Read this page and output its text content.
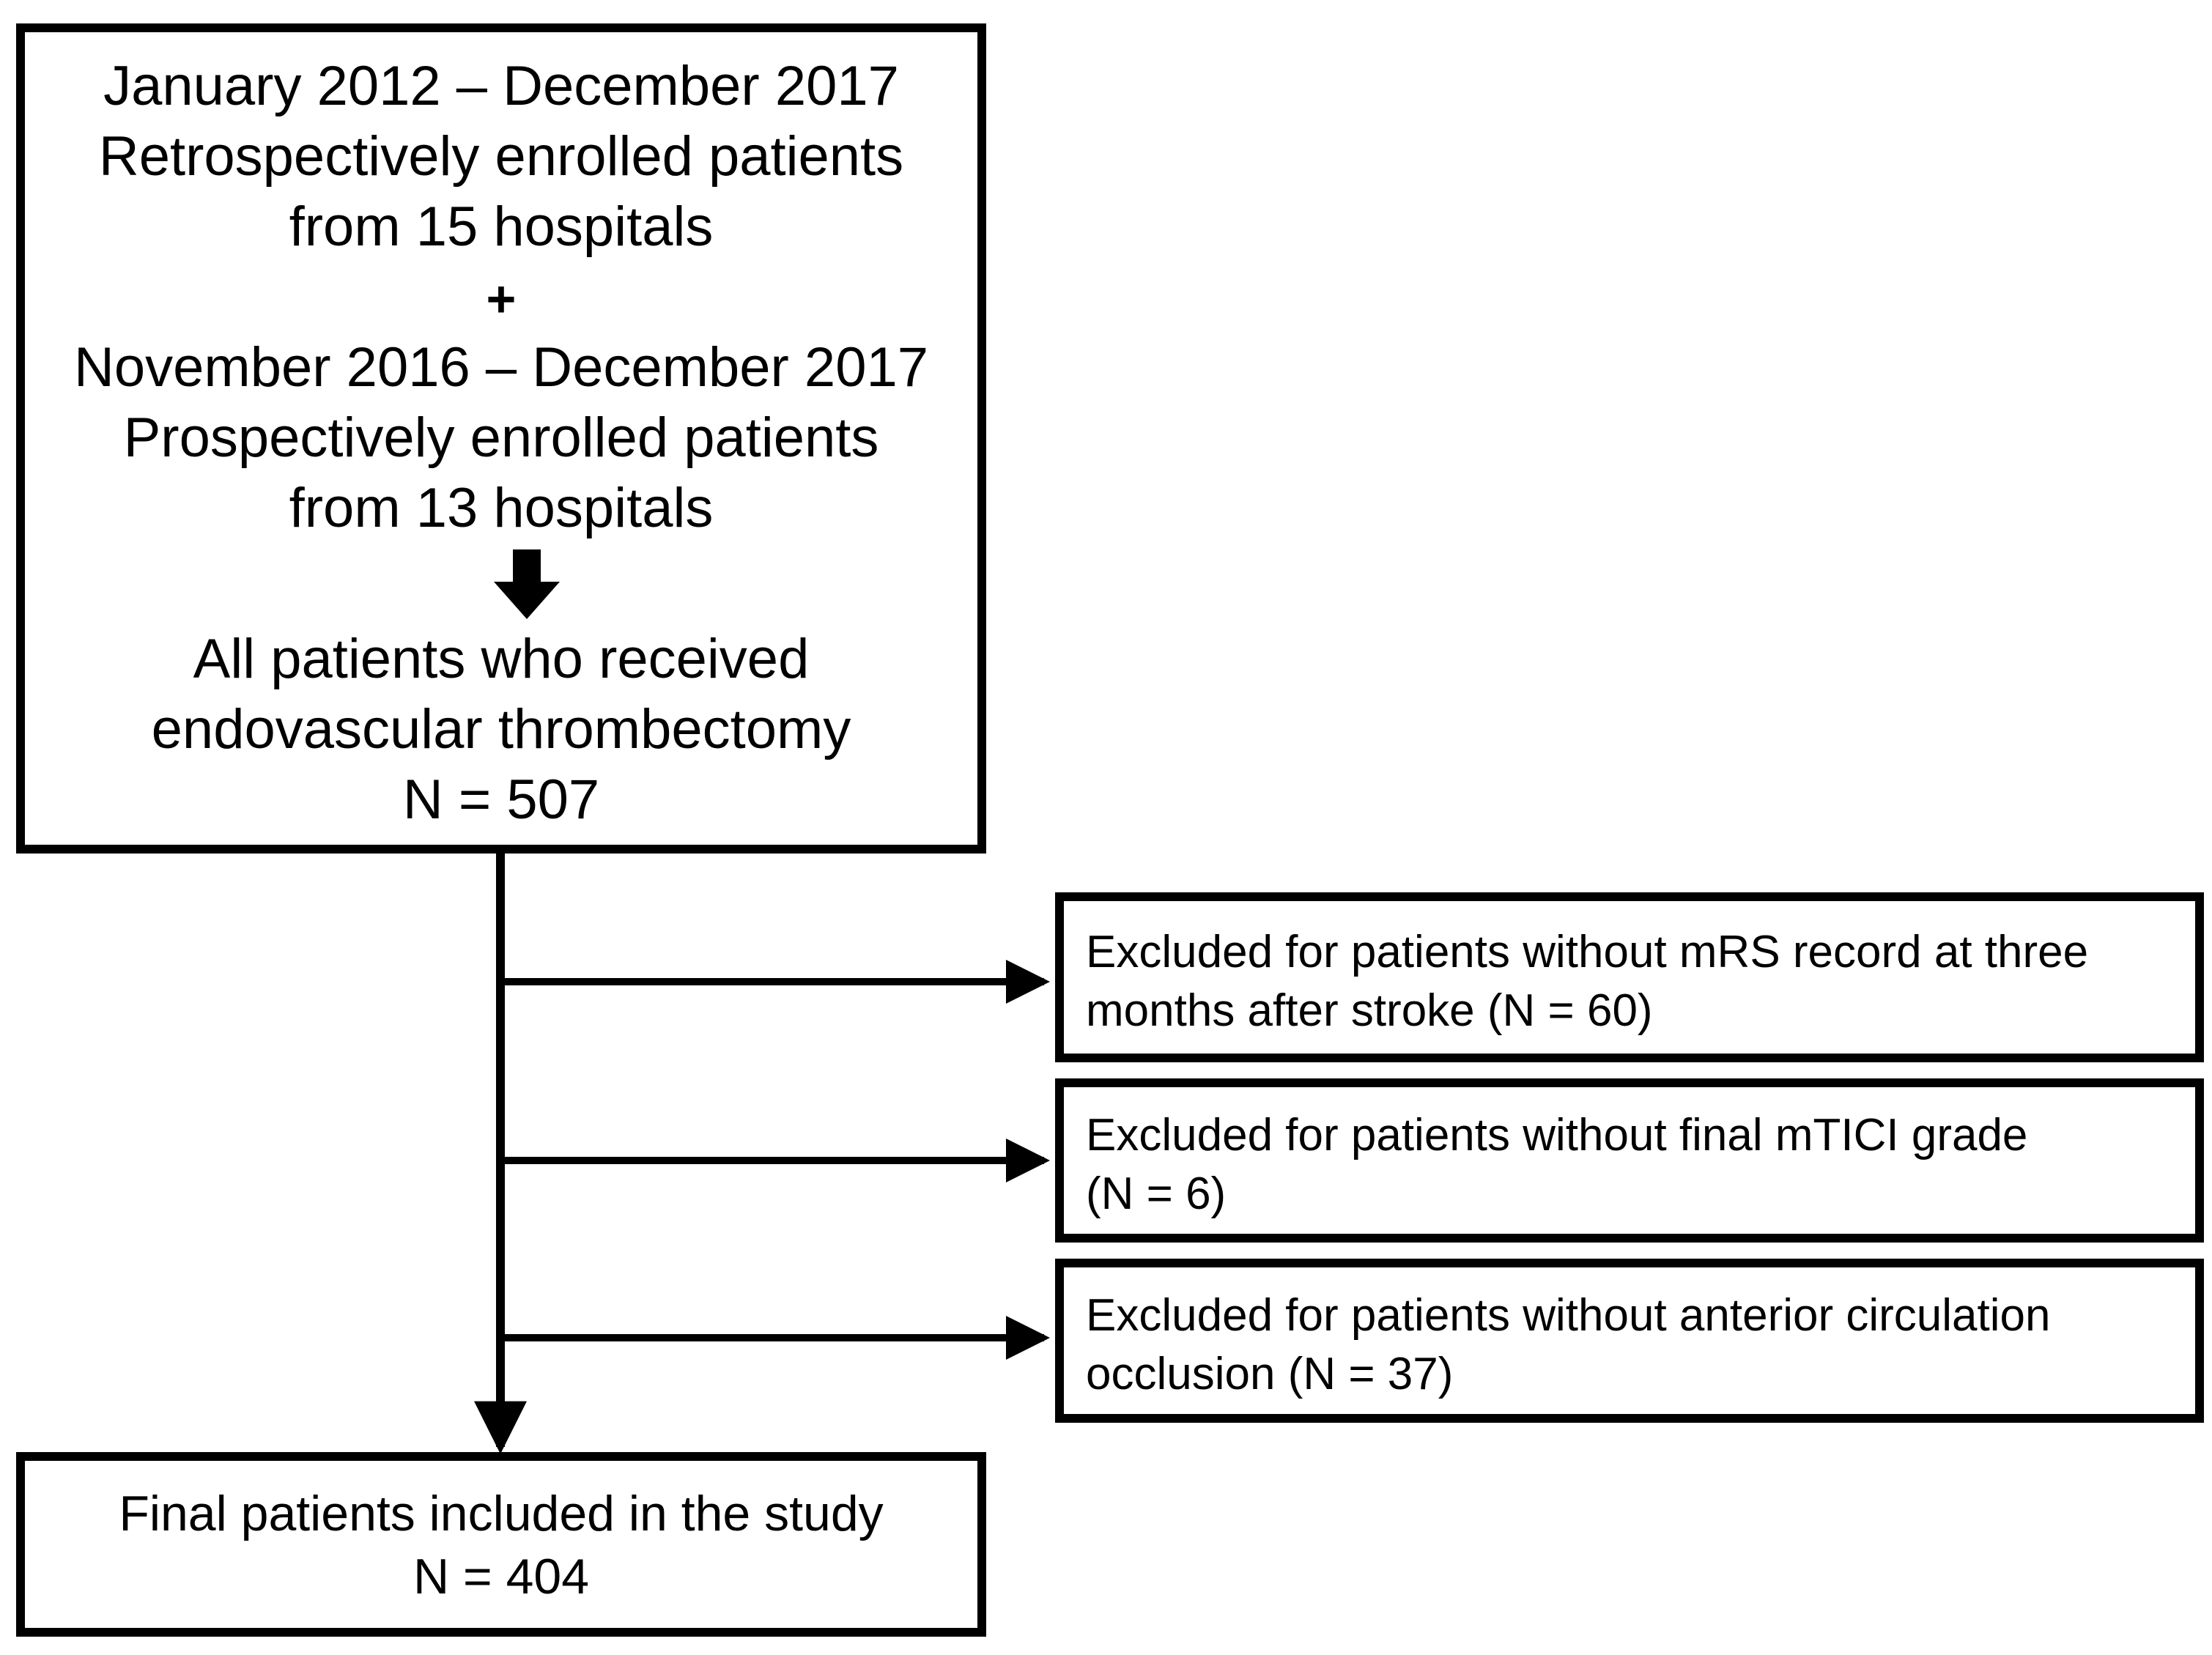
January 2012 – December 2017
Retrospectively enrolled patients
from 15 hospitals
+
November 2016 – December 2017
Prospectively enrolled patients
from 13 hospitals
All patients who received
endovascular thrombectomy
N = 507
Excluded for patients without mRS record at three
months after stroke (N = 60)
Excluded for patients without final mTICI grade
(N = 6)
Excluded for patients without anterior circulation
occlusion (N = 37)
Final patients included in the study
N = 404
